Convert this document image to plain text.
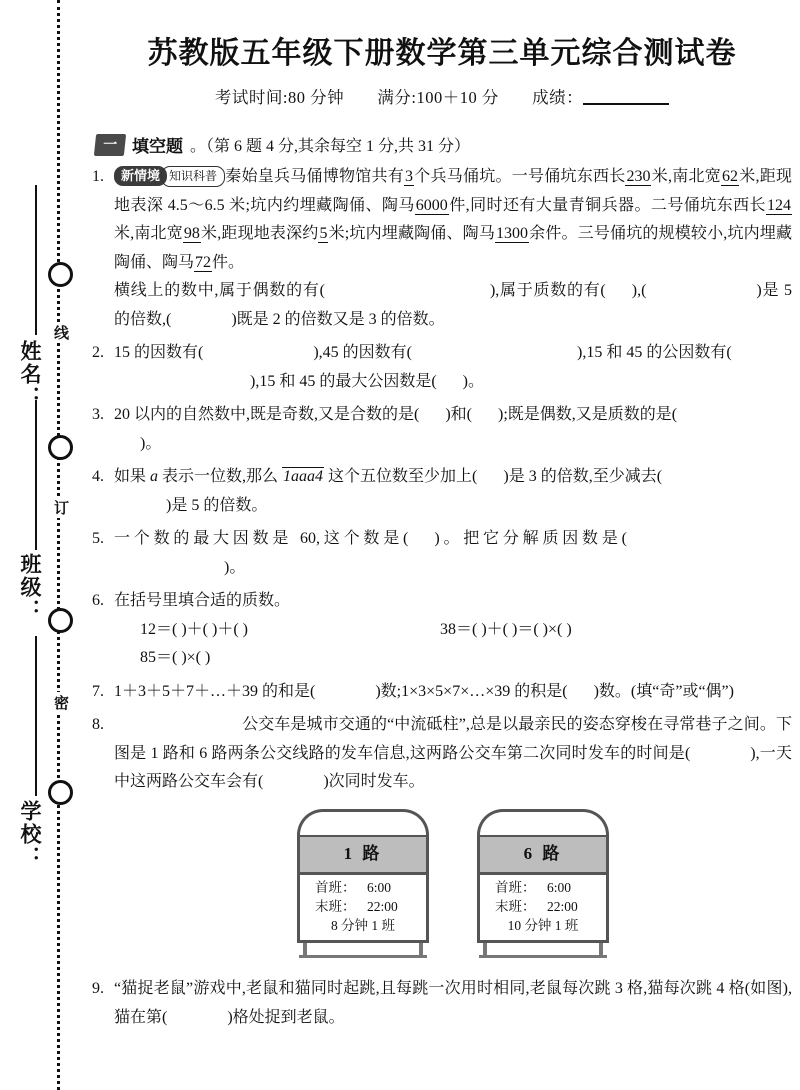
姓名：
班级：
学校：
线
订
密
苏教版五年级下册数学第三单元综合测试卷
考试时间:80 分钟 满分:100＋10 分 成绩：
一 填空题 。（第 6 题 4 分,其余每空 1 分,共 31 分）
1.	新情境 知识科普 秦始皇兵马俑博物馆共有3个兵马俑坑。一号俑坑东西长230米,南北宽62米,距现地表深 4.5～6.5 米;坑内约埋藏陶俑、陶马6000件,同时还有大量青铜兵器。二号俑坑东西长124米,南北宽98米,距现地表深约5米;坑内埋藏陶俑、陶马1300余件。三号俑坑的规模较小,坑内埋藏陶俑、陶马72件。
横线上的数中,属于偶数的有(	),属于质数的有( ),(	)是 5 的倍数,(	)既是 2 的倍数又是 3 的倍数。
2. 15 的因数有(	),45 的因数有(	),15 和 45 的公因数有(
),15 和 45 的最大公因数是( )。
3. 20 以内的自然数中,既是奇数,又是合数的是( )和( );既是偶数,又是质数的是(
)。
4. 如果 a 表示一位数,那么 1aaa4 这个五位数至少加上( )是 3 的倍数,至少减去(
)是 5 的倍数。
5. 一个数的最大因数是 60,这个数是( )。把它分解质因数是()。
6. 在括号里填合适的质数。
12＝( )＋( )＋( )	38＝( )＋( )＝( )×( )
85＝( )×( )
7. 1＋3＋5＋7＋…＋39 的和是(	)数;1×3×5×7×…×39 的积是( )数。(填“奇”或“偶”)
8.	公交车是城市交通的“中流砥柱”,总是以最亲民的姿态穿梭在寻常巷子之间。下图是 1 路和 6 路两条公交线路的发车信息,这两路公交车第二次同时发车的时间是(	),一天中这两路公交车会有(	)次同时发车。
1 路
首班： 6:00
末班： 22:00
8 分钟 1 班
6 路
首班： 6:00
末班： 22:00
10 分钟 1 班
9. “猫捉老鼠”游戏中,老鼠和猫同时起跳,且每跳一次用时相同,老鼠每次跳 3 格,猫每次跳 4 格(如图),猫在第(	)格处捉到老鼠。
